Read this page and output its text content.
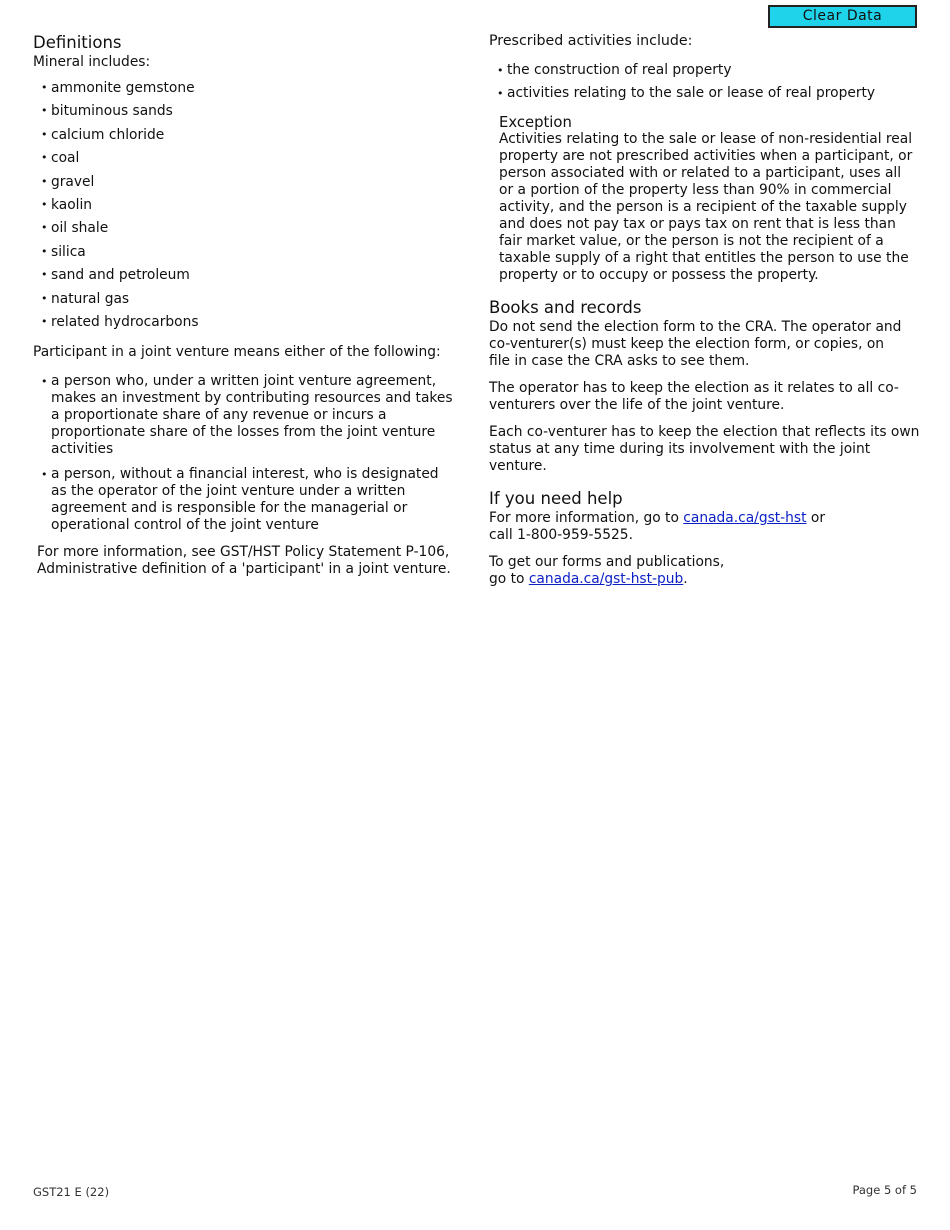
Clear Data
Definitions

Mineral includes:

• ammonite gemstone
• bituminous sands
• calcium chloride
• coal
• gravel
• kaolin
• oil shale
• silica
• sand and petroleum
• natural gas
• related hydrocarbons

Participant in a joint venture means either of the following:

• a person who, under a written joint venture agreement, makes an investment by contributing resources and takes a proportionate share of any revenue or incurs a proportionate share of the losses from the joint venture activities
• a person, without a financial interest, who is designated as the operator of the joint venture under a written agreement and is responsible for the managerial or operational control of the joint venture

For more information, see GST/HST Policy Statement P-106, Administrative definition of a 'participant' in a joint venture.

Prescribed activities include:

• the construction of real property
• activities relating to the sale or lease of real property

Exception

Activities relating to the sale or lease of non-residential real property are not prescribed activities when a participant, or person associated with or related to a participant, uses all or a portion of the property less than 90% in commercial activity, and the person is a recipient of the taxable supply and does not pay tax or pays tax on rent that is less than fair market value, or the person is not the recipient of a taxable supply of a right that entitles the person to use the property or to occupy or possess the property.

Books and records

Do not send the election form to the CRA. The operator and co-venturer(s) must keep the election form, or copies, on file in case the CRA asks to see them.

The operator has to keep the election as it relates to all co-venturers over the life of the joint venture.

Each co-venturer has to keep the election that reflects its own status at any time during its involvement with the joint venture.

If you need help

For more information, go to canada.ca/gst-hst or call 1-800-959-5525.

To get our forms and publications, go to canada.ca/gst-hst-pub.

GST21 E (22)	Page 5 of 5
